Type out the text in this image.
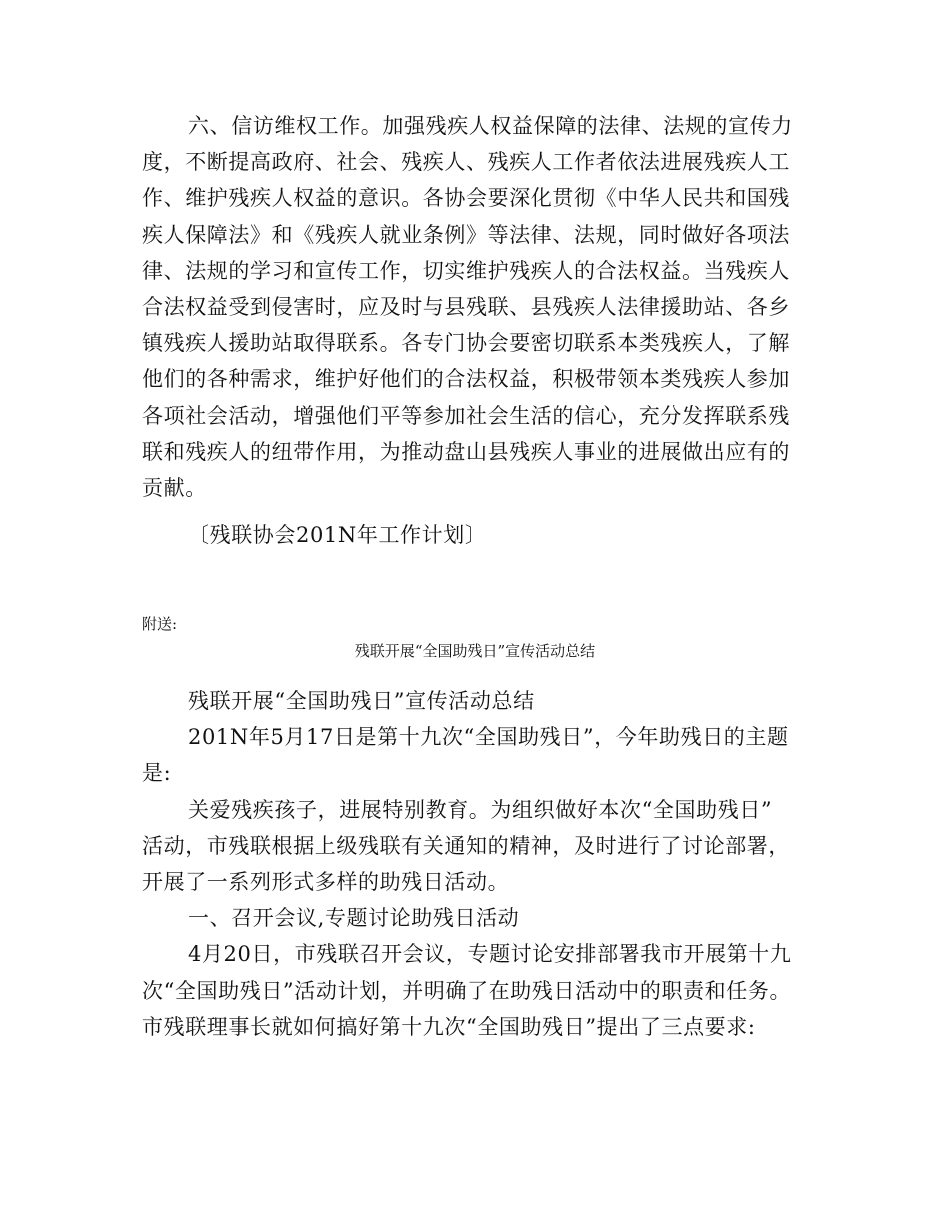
六、信访维权工作。加强残疾人权益保障的法律、法规的宣传力
度，不断提高政府、社会、残疾人、残疾人工作者依法进展残疾人工
作、维护残疾人权益的意识。各协会要深化贯彻《中华人民共和国残
疾人保障法》和《残疾人就业条例》等法律、法规，同时做好各项法
律、法规的学习和宣传工作，切实维护残疾人的合法权益。当残疾人
合法权益受到侵害时，应及时与县残联、县残疾人法律援助站、各乡
镇残疾人援助站取得联系。各专门协会要密切联系本类残疾人，了解
他们的各种需求，维护好他们的合法权益，积极带领本类残疾人参加
各项社会活动，增强他们平等参加社会生活的信心，充分发挥联系残
联和残疾人的纽带作用，为推动盘山县残疾人事业的进展做出应有的
贡献。
〔残联协会201N年工作计划〕
附送:
残联开展“全国助残日”宣传活动总结
残联开展“全国助残日”宣传活动总结
201N年5月17日是第十九次“全国助残日”，今年助残日的主题
是:
关爱残疾孩子，进展特别教育。为组织做好本次“全国助残日”
活动，市残联根据上级残联有关通知的精神，及时进行了讨论部署，
开展了一系列形式多样的助残日活动。
一、召开会议,专题讨论助残日活动
4月20日，市残联召开会议，专题讨论安排部署我市开展第十九
次“全国助残日”活动计划，并明确了在助残日活动中的职责和任务。
市残联理事长就如何搞好第十九次“全国助残日”提出了三点要求:
